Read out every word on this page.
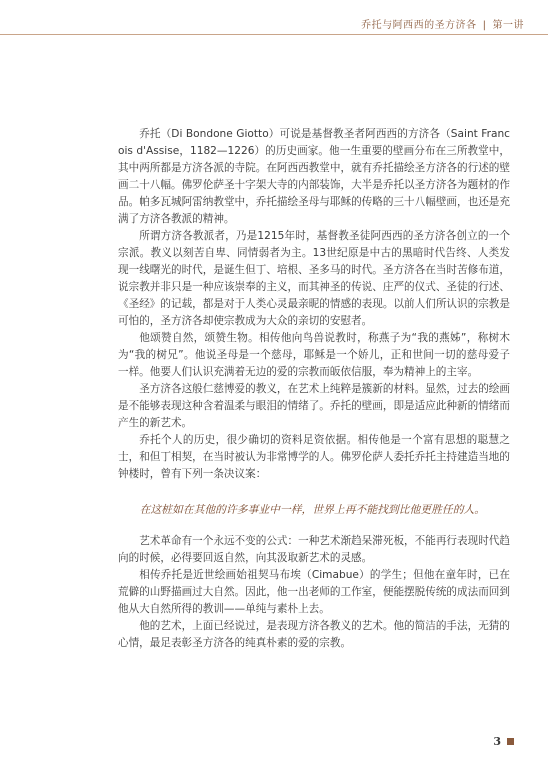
乔托与阿西西的圣方济各 | 第一讲

乔托（Di Bondone Giotto）可说是基督教圣者阿西西的方济各（Saint Francois d'Assise，1182—1226）的历史画家。他一生重要的壁画分布在三所教堂中，其中两所都是方济各派的寺院。在阿西西教堂中，就有乔托描绘圣方济各的行述的壁画二十八幅。佛罗伦萨圣十字架大寺的内部装饰，大半是乔托以圣方济各为题材的作品。帕多瓦城阿雷纳教堂中，乔托描绘圣母与耶稣的传略的三十八幅壁画，也还是充满了方济各教派的精神。

所谓方济各教派者，乃是1215年时，基督教圣徒阿西西的圣方济各创立的一个宗派。教义以刻苦自卑、同情弱者为主。13世纪原是中古的黑暗时代告终、人类发现一线曙光的时代，是诞生但丁、培根、圣多马的时代。圣方济各在当时苦修布道，说宗教并非只是一种应该崇奉的主义，而其神圣的传说、庄严的仪式、圣徒的行述、《圣经》的记载，都是对于人类心灵最亲昵的情感的表现。以前人们所认识的宗教是可怕的，圣方济各却使宗教成为大众的亲切的安慰者。

他颂赞自然，颂赞生物。相传他向鸟兽说教时，称燕子为“我的燕姊”，称树木为“我的树兄”。他说圣母是一个慈母，耶稣是一个娇儿，正和世间一切的慈母爱子一样。他要人们认识充满着无边的爱的宗教而皈依信服，奉为精神上的主宰。

圣方济各这般仁慈博爱的教义，在艺术上纯粹是簇新的材料。显然，过去的绘画是不能够表现这种含着温柔与眼泪的情绪了。乔托的壁画，即是适应此种新的情绪而产生的新艺术。

乔托个人的历史，很少确切的资料足资依据。相传他是一个富有思想的聪慧之士，和但丁相契，在当时被认为非常博学的人。佛罗伦萨人委托乔托主持建造当地的钟楼时，曾有下列一条决议案：

在这桩如在其他的许多事业中一样，世界上再不能找到比他更胜任的人。

艺术革命有一个永远不变的公式：一种艺术渐趋呆滞死板，不能再行表现时代趋向的时候，必得要回返自然，向其汲取新艺术的灵感。

相传乔托是近世绘画始祖契马布埃（Cimabue）的学生；但他在童年时，已在荒僻的山野描画过大自然。因此，他一出老师的工作室，便能摆脱传统的成法而回到他从大自然所得的教训——单纯与素朴上去。

他的艺术，上面已经说过，是表现方济各教义的艺术。他的简洁的手法，无猜的心情，最足表彰圣方济各的纯真朴素的爱的宗教。

3
